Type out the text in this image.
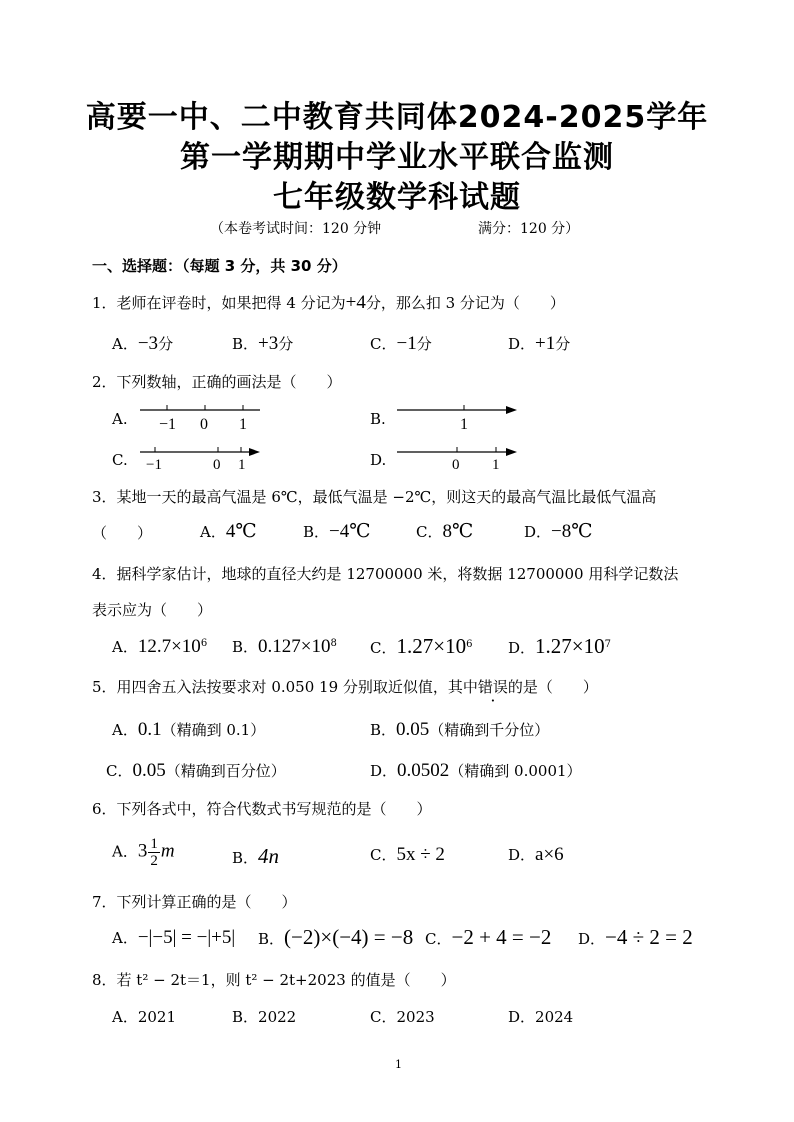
高要一中、二中教育共同体2024-2025学年
第一学期期中学业水平联合监测
七年级数学科试题
（本卷考试时间：120 分钟	满分：120 分）
一、选择题：（每题 3 分，共 30 分）
1．老师在评卷时，如果把得 4 分记为+4分，那么扣 3 分记为（　　）
A．−3分	B．+3分	C．−1分	D．+1分
2．下列数轴，正确的画法是（　　）
A. −1 0 1	B.	1
C. −1	0 1	D.	0 1
3．某地一天的最高气温是 6℃，最低气温是 −2℃，则这天的最高气温比最低气温高
（　　）	A．4℃	B．−4℃	C．8℃	D．−8℃
4．据科学家估计，地球的直径大约是 12700000 米，将数据 12700000 用科学记数法
表示应为（　　）
A．$12.7\times 10^6$ B．$0.127\times 10^8$ C．$1.27\times 10^6$ D．$1.27\times 10^7$
5．用四舍五入法按要求对 0.050 19 分别取近似值，其中错误的是（　　）
A．0.1（精确到 0.1）	B．0.05（精确到千分位）
C．0.05（精确到百分位）	D．0.0502（精确到 0.0001）
6．下列各式中，符合代数式书写规范的是（　　）
A．$3 \frac{1}{2}$ m	B．4n	C．5x ÷ 2	D．a×6
7．下列计算正确的是（　　）
A．−|−5| = −|+5| B．(−2)×(−4) = −8 C．−2 + 4 = −2 D．−4 ÷ 2 = 2
8．若 t² − 2t＝1，则 t² − 2t+2023 的值是（　　）
A．2021	B．2022	C．2023	D．2024
1
